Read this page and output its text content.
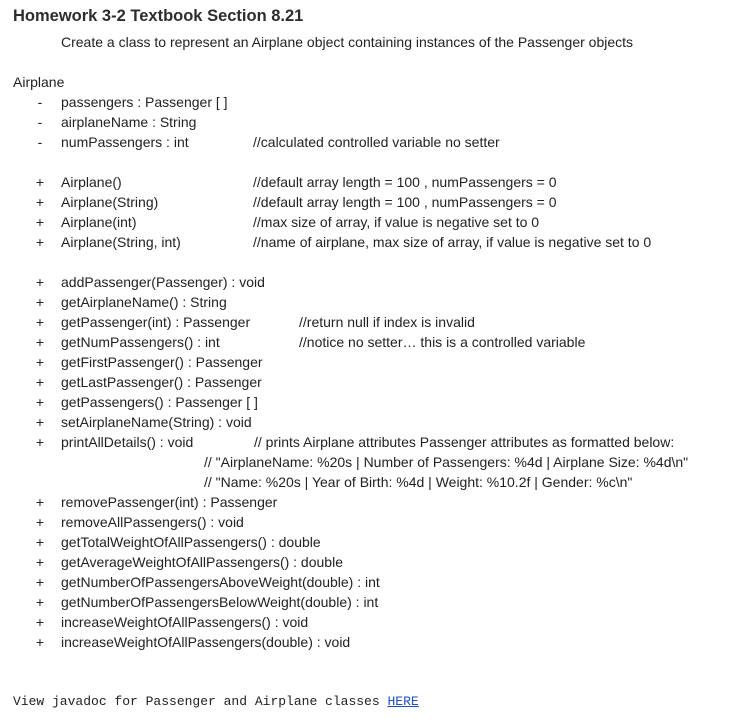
Homework 3-2 Textbook Section 8.21
Create a class to represent an Airplane object containing instances of the Passenger objects
Airplane
-	passengers : Passenger [ ]
-	airplaneName : String
-	numPassengers : int	//calculated controlled variable no setter
+ Airplane()	//default array length = 100 , numPassengers = 0
+ Airplane(String)	//default array length = 100 , numPassengers = 0
+ Airplane(int)	//max size of array, if value is negative set to 0
+ Airplane(String, int)	//name of airplane, max size of array, if value is negative set to 0
+ addPassenger(Passenger) : void
+ getAirplaneName() : String
+ getPassenger(int) : Passenger	//return null if index is invalid
+ getNumPassengers() : int	//notice no setter… this is a controlled variable
+ getFirstPassenger() : Passenger
+ getLastPassenger() : Passenger
+ getPassengers() : Passenger [ ]
+ setAirplaneName(String) : void
+ printAllDetails() : void	// prints Airplane attributes Passenger attributes as formatted below:
// "AirplaneName: %20s | Number of Passengers: %4d | Airplane Size: %4d\n"
// "Name: %20s | Year of Birth: %4d | Weight: %10.2f | Gender: %c\n"
+ removePassenger(int) : Passenger
+ removeAllPassengers() : void
+ getTotalWeightOfAllPassengers() : double
+ getAverageWeightOfAllPassengers() : double
+ getNumberOfPassengersAboveWeight(double) : int
+ getNumberOfPassengersBelowWeight(double) : int
+ increaseWeightOfAllPassengers() : void
+ increaseWeightOfAllPassengers(double) : void
View javadoc for Passenger and Airplane classes HERE
